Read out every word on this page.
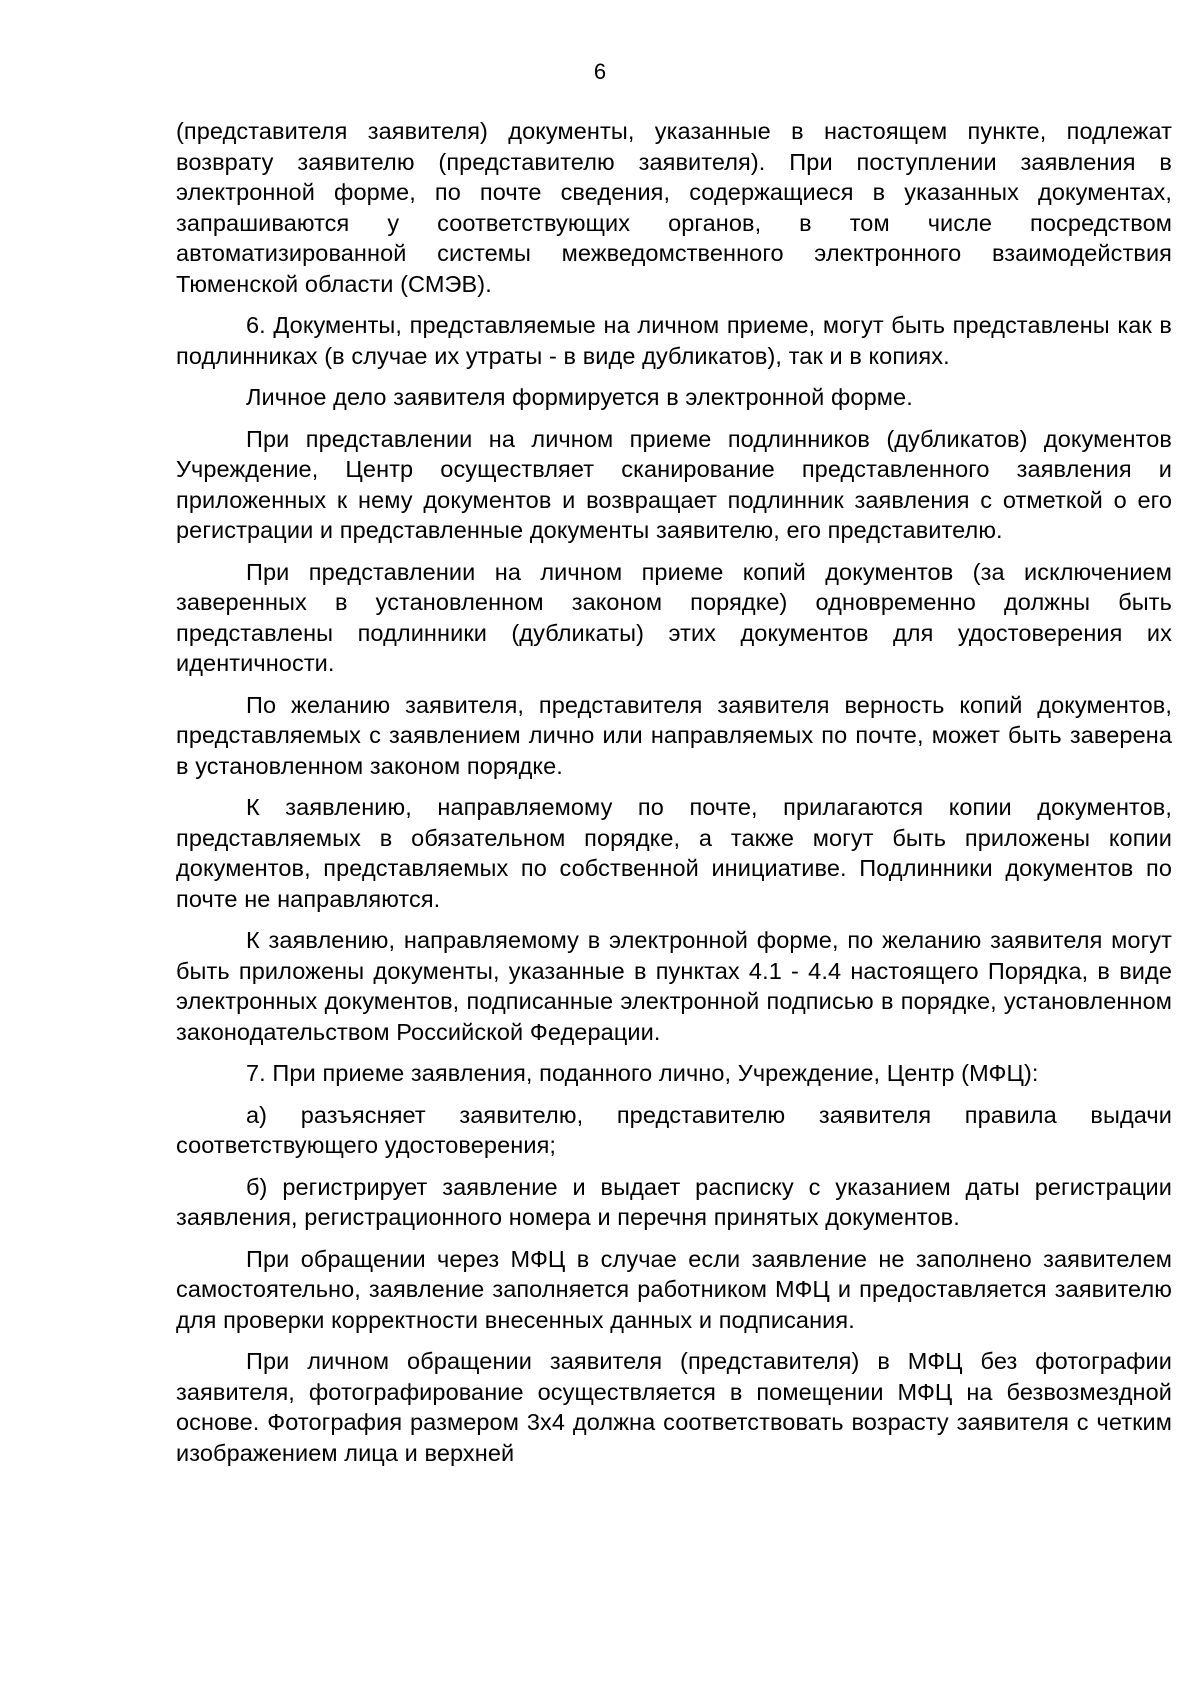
6

(представителя заявителя) документы, указанные в настоящем пункте, подлежат возврату заявителю (представителю заявителя). При поступлении заявления в электронной форме, по почте сведения, содержащиеся в указанных документах, запрашиваются у соответствующих органов, в том числе посредством автоматизированной системы межведомственного электронного взаимодействия Тюменской области (СМЭВ).

6. Документы, представляемые на личном приеме, могут быть представлены как в подлинниках (в случае их утраты - в виде дубликатов), так и в копиях.

Личное дело заявителя формируется в электронной форме.

При представлении на личном приеме подлинников (дубликатов) документов Учреждение, Центр осуществляет сканирование представленного заявления и приложенных к нему документов и возвращает подлинник заявления с отметкой о его регистрации и представленные документы заявителю, его представителю.

При представлении на личном приеме копий документов (за исключением заверенных в установленном законом порядке) одновременно должны быть представлены подлинники (дубликаты) этих документов для удостоверения их идентичности.

По желанию заявителя, представителя заявителя верность копий документов, представляемых с заявлением лично или направляемых по почте, может быть заверена в установленном законом порядке.

К заявлению, направляемому по почте, прилагаются копии документов, представляемых в обязательном порядке, а также могут быть приложены копии документов, представляемых по собственной инициативе. Подлинники документов по почте не направляются.

К заявлению, направляемому в электронной форме, по желанию заявителя могут быть приложены документы, указанные в пунктах 4.1 - 4.4 настоящего Порядка, в виде электронных документов, подписанные электронной подписью в порядке, установленном законодательством Российской Федерации.

7. При приеме заявления, поданного лично, Учреждение, Центр (МФЦ):

а) разъясняет заявителю, представителю заявителя правила выдачи соответствующего удостоверения;

б) регистрирует заявление и выдает расписку с указанием даты регистрации заявления, регистрационного номера и перечня принятых документов.

При обращении через МФЦ в случае если заявление не заполнено заявителем самостоятельно, заявление заполняется работником МФЦ и предоставляется заявителю для проверки корректности внесенных данных и подписания.

При личном обращении заявителя (представителя) в МФЦ без фотографии заявителя, фотографирование осуществляется в помещении МФЦ на безвозмездной основе. Фотография размером 3х4 должна соответствовать возрасту заявителя с четким изображением лица и верхней
